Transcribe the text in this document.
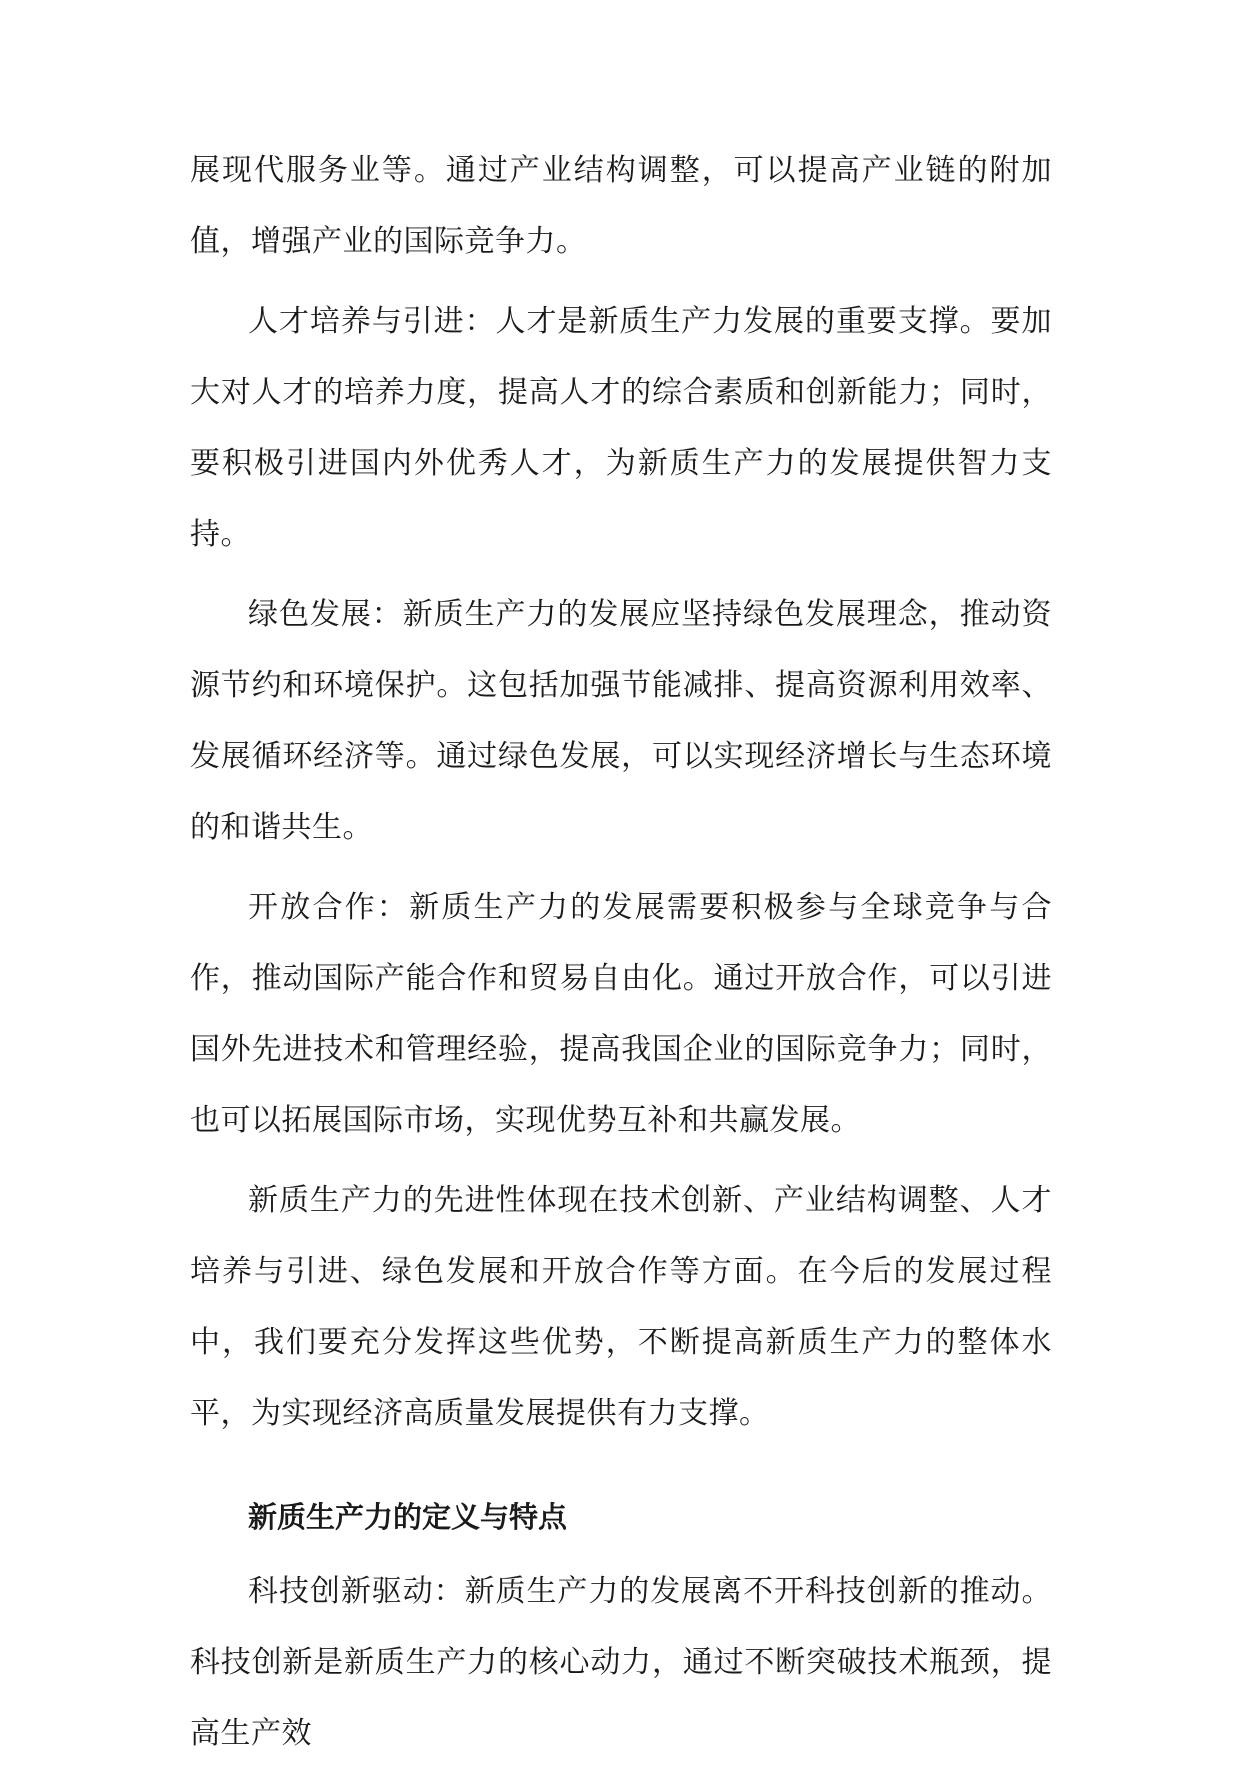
展现代服务业等。通过产业结构调整，可以提高产业链的附加值，增强产业的国际竞争力。

人才培养与引进：人才是新质生产力发展的重要支撑。要加大对人才的培养力度，提高人才的综合素质和创新能力；同时，要积极引进国内外优秀人才，为新质生产力的发展提供智力支持。

绿色发展：新质生产力的发展应坚持绿色发展理念，推动资源节约和环境保护。这包括加强节能减排、提高资源利用效率、发展循环经济等。通过绿色发展，可以实现经济增长与生态环境的和谐共生。

开放合作：新质生产力的发展需要积极参与全球竞争与合作，推动国际产能合作和贸易自由化。通过开放合作，可以引进国外先进技术和管理经验，提高我国企业的国际竞争力；同时，也可以拓展国际市场，实现优势互补和共赢发展。

新质生产力的先进性体现在技术创新、产业结构调整、人才培养与引进、绿色发展和开放合作等方面。在今后的发展过程中，我们要充分发挥这些优势，不断提高新质生产力的整体水平，为实现经济高质量发展提供有力支撑。

新质生产力的定义与特点

科技创新驱动：新质生产力的发展离不开科技创新的推动。科技创新是新质生产力的核心动力，通过不断突破技术瓶颈，提高生产效
